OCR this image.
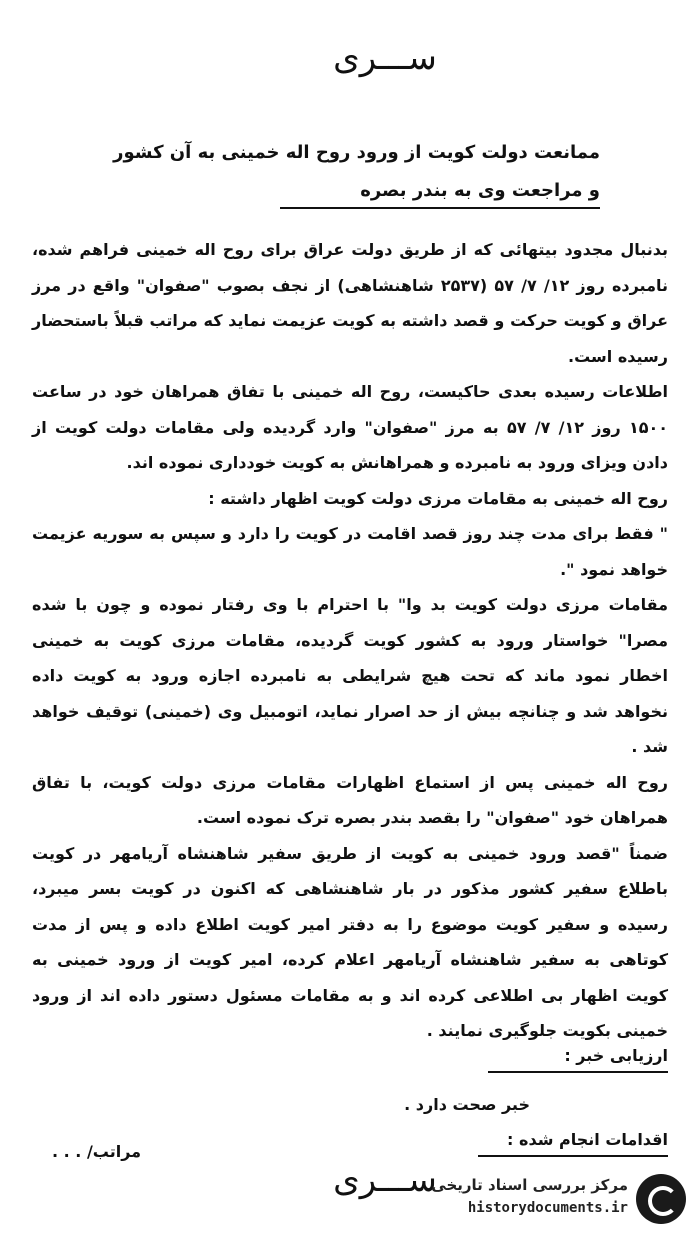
ســـری
ممانعت دولت کویت از ورود روح اله خمینی به آن کشور
و مراجعت وی به بندر بصره

بدنبال مجدود بیتهائی که از طریق دولت عراق برای روح اله خمینی فراهم شده، نامبرده روز ۱۲/ ۷/ ۵۷ (۲۵۳۷ شاهنشاهی) از نجف بصوب "صفوان" واقع در مرز عراق و کویت حرکت و قصد داشته به کویت عزیمت نماید که مراتب قبلاً باستحضار رسیده است.

اطلاعات رسیده بعدی حاکیست، روح اله خمینی با تفاق همراهان خود در ساعت ۱۵۰۰ روز ۱۲/ ۷/ ۵۷ به مرز "صفوان" وارد گردیده ولی مقامات دولت کویت از دادن ویزای ورود به نامبرده و همراهانش به کویت خودداری نموده اند.

روح اله خمینی به مقامات مرزی دولت کویت اظهار داشته :

" فقط برای مدت چند روز قصد اقامت در کویت را دارد و سپس به سوریه عزیمت خواهد نمود ".

مقامات مرزی دولت کویت بد وا" با احترام با وی رفتار نموده و چون با شده مصرا" خواستار ورود به کشور کویت گردیده، مقامات مرزی کویت به خمینی اخطار نمود ماند که تحت هیچ شرایطی به نامبرده اجازه ورود به کویت داده نخواهد شد و چنانچه بیش از حد اصرار نماید، اتومبیل وی (خمینی) توقیف خواهد شد .

روح اله خمینی پس از استماع اظهارات مقامات مرزی دولت کویت، با تفاق همراهان خود "صفوان" را بقصد بندر بصره ترک نموده است.

ضمناً "قصد ورود خمینی به کویت از طریق سفیر شاهنشاه آریامهر در کویت باطلاع سفیر کشور مذکور در بار شاهنشاهی که اکنون در کویت بسر میبرد، رسیده و سفیر کویت موضوع را به دفتر امیر کویت اطلاع داده و پس از مدت کوتاهی به سفیر شاهنشاه آریامهر اعلام کرده، امیر کویت از ورود خمینی به کویت اظهار بی اطلاعی کرده اند و به مقامات مسئول دستور داده اند از ورود خمینی بکویت جلوگیری نمایند .

ارزیابی خبر :
خبر صحت دارد .
اقدامات انجام شده :
مراتب/ . . .
ســـری
مرکز بررسی اسناد تاریخی
historydocuments.ir
